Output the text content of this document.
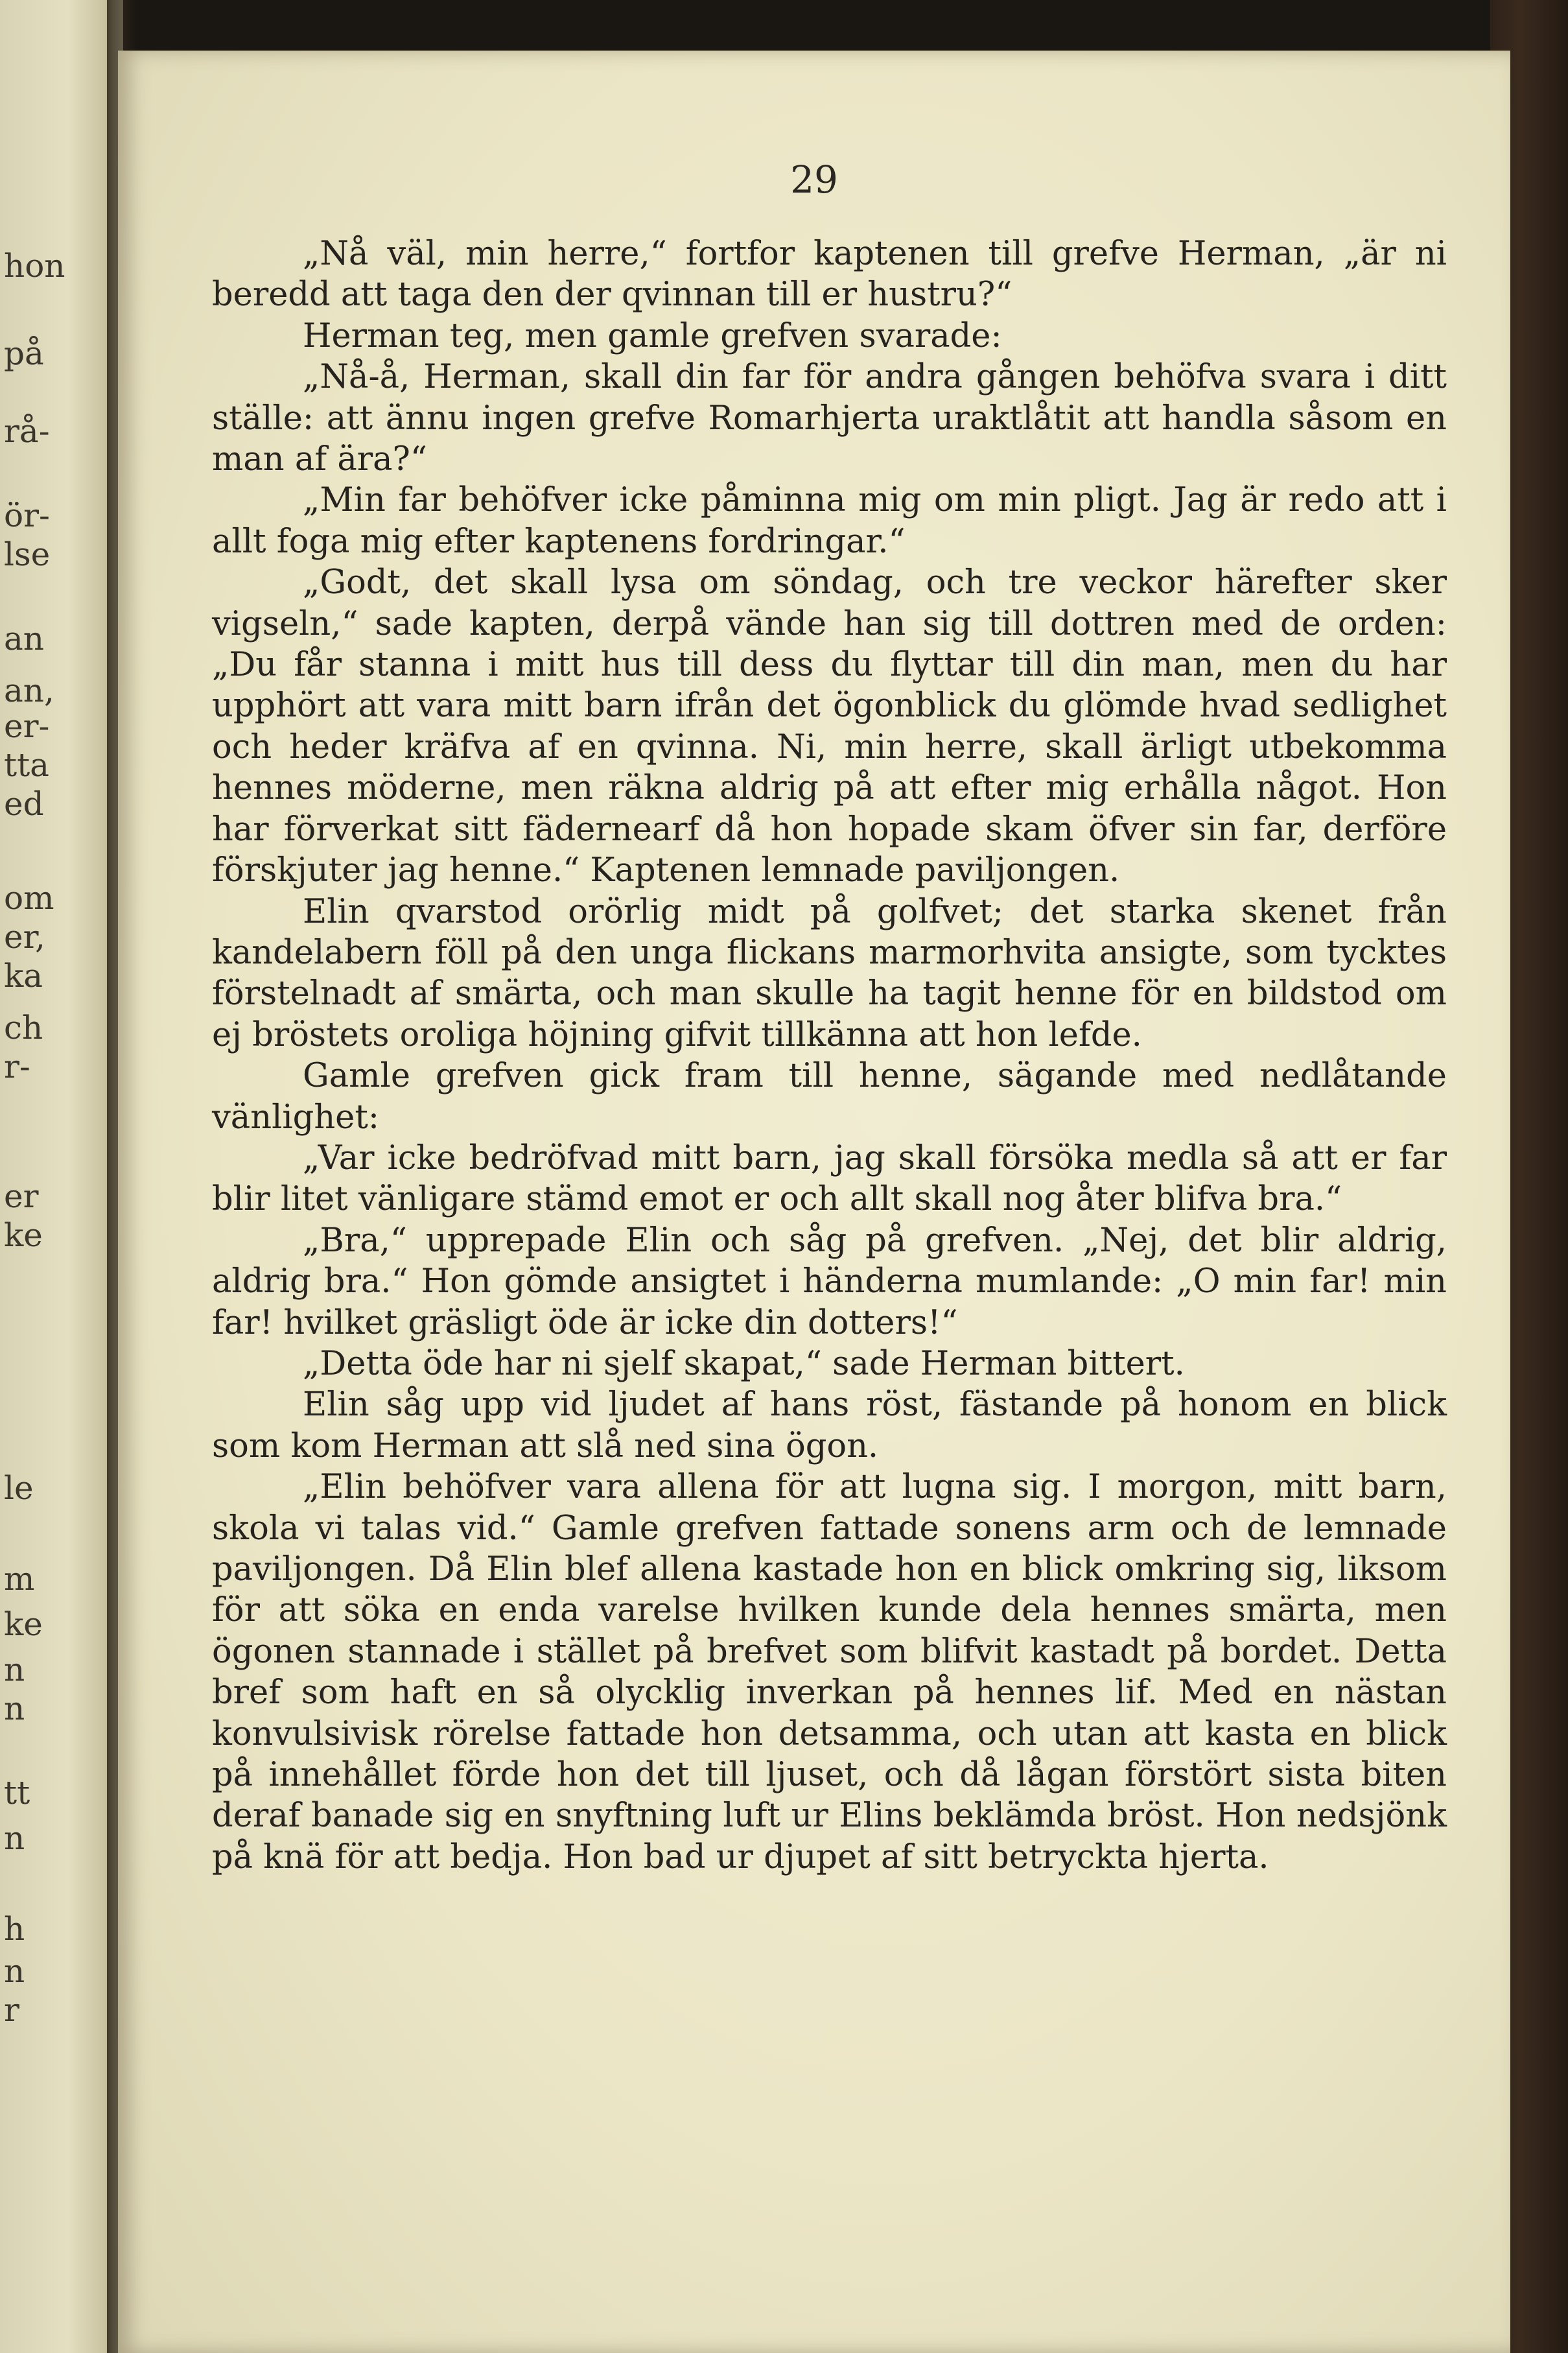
hon
på
rå-
ör-
lse
an
an,
er-
tta
ed
om
er,
ka
ch
r-
er
ke
le
m
ke
n
n
tt
n
h
n
r
29

„Nå väl, min herre,“ fortfor kaptenen till grefve Herman, „är ni beredd att taga den der qvinnan till er hustru?“

Herman teg, men gamle grefven svarade:

„Nå-å, Herman, skall din far för andra gången behöfva svara i ditt ställe: att ännu ingen grefve Romarhjerta uraktlåtit att handla såsom en man af ära?“

„Min far behöfver icke påminna mig om min pligt. Jag är redo att i allt foga mig efter kaptenens fordringar.“

„Godt, det skall lysa om söndag, och tre veckor härefter sker vigseln,“ sade kapten, derpå vände han sig till dottren med de orden: „Du får stanna i mitt hus till dess du flyttar till din man, men du har upphört att vara mitt barn ifrån det ögonblick du glömde hvad sedlighet och heder kräfva af en qvinna. Ni, min herre, skall ärligt utbekomma hennes möderne, men räkna aldrig på att efter mig erhålla något. Hon har förverkat sitt fädernearf då hon hopade skam öfver sin far, derföre förskjuter jag henne.“ Kaptenen lemnade paviljongen.

Elin qvarstod orörlig midt på golfvet; det starka skenet från kandelabern föll på den unga flickans marmorhvita ansigte, som tycktes förstelnadt af smärta, och man skulle ha tagit henne för en bildstod om ej bröstets oroliga höjning gifvit tillkänna att hon lefde.

Gamle grefven gick fram till henne, sägande med nedlåtande vänlighet:

„Var icke bedröfvad mitt barn, jag skall försöka medla så att er far blir litet vänligare stämd emot er och allt skall nog åter blifva bra.“

„Bra,“ upprepade Elin och såg på grefven. „Nej, det blir aldrig, aldrig bra.“ Hon gömde ansigtet i händerna mumlande: „O min far! min far! hvilket gräsligt öde är icke din dotters!“

„Detta öde har ni sjelf skapat,“ sade Herman bittert.

Elin såg upp vid ljudet af hans röst, fästande på honom en blick som kom Herman att slå ned sina ögon.

„Elin behöfver vara allena för att lugna sig. I morgon, mitt barn, skola vi talas vid.“ Gamle grefven fattade sonens arm och de lemnade paviljongen. Då Elin blef allena kastade hon en blick omkring sig, liksom för att söka en enda varelse hvilken kunde dela hennes smärta, men ögonen stannade i stället på brefvet som blifvit kastadt på bordet. Detta bref som haft en så olycklig inverkan på hennes lif. Med en nästan konvulsivisk rörelse fattade hon detsamma, och utan att kasta en blick på innehållet förde hon det till ljuset, och då lågan förstört sista biten deraf banade sig en snyftning luft ur Elins beklämda bröst. Hon nedsjönk på knä för att bedja. Hon bad ur djupet af sitt betryckta hjerta.
